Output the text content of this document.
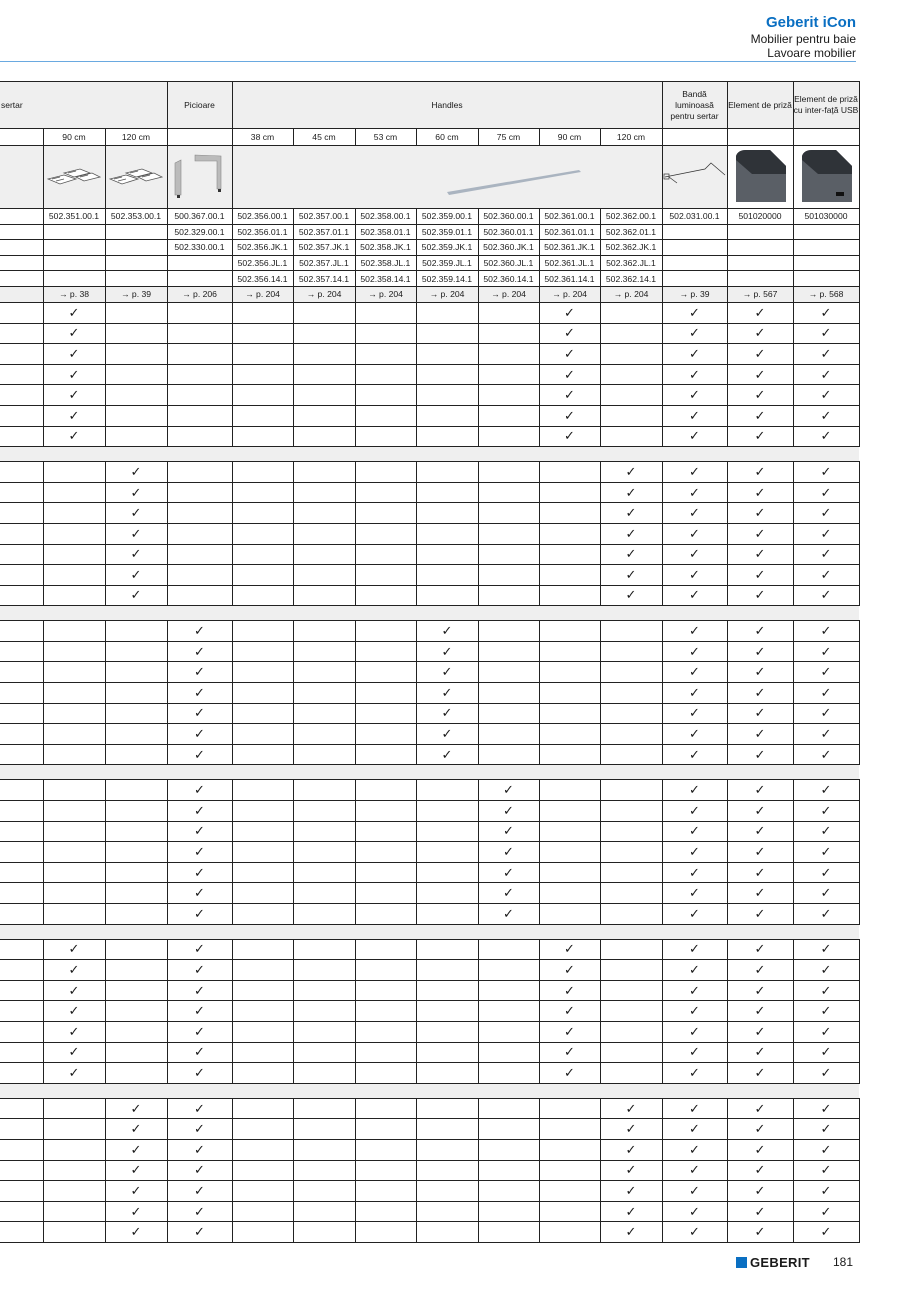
Geberit iCon
Mobilier pentru baie
Lavoare mobilier
sertar			Picioare	Handles							Bandă luminoasă pentru sertar	Element de priză	Element de priză cu inter-față USB
	90 cm	120 cm		38 cm	45 cm	53 cm	60 cm	75 cm	90 cm	120 cm			

	502.351.00.1	502.353.00.1	500.367.00.1	502.356.00.1	502.357.00.1	502.358.00.1	502.359.00.1	502.360.00.1	502.361.00.1	502.362.00.1	502.031.00.1	501020000	501030000
			502.329.00.1	502.356.01.1	502.357.01.1	502.358.01.1	502.359.01.1	502.360.01.1	502.361.01.1	502.362.01.1			
			502.330.00.1	502.356.JK.1	502.357.JK.1	502.358.JK.1	502.359.JK.1	502.360.JK.1	502.361.JK.1	502.362.JK.1			
				502.356.JL.1	502.357.JL.1	502.358.JL.1	502.359.JL.1	502.360.JL.1	502.361.JL.1	502.362.JL.1			
				502.356.14.1	502.357.14.1	502.358.14.1	502.359.14.1	502.360.14.1	502.361.14.1	502.362.14.1			
	→ p. 38	→ p. 39	→ p. 206	→ p. 204	→ p. 204	→ p. 204	→ p. 204	→ p. 204	→ p. 204	→ p. 204	→ p. 39	→ p. 567	→ p. 568
	✓								✓		✓	✓	✓
	✓								✓		✓	✓	✓
	✓								✓		✓	✓	✓
	✓								✓		✓	✓	✓
	✓								✓		✓	✓	✓
	✓								✓		✓	✓	✓
	✓								✓		✓	✓	✓

		✓								✓	✓	✓	✓
		✓								✓	✓	✓	✓
		✓								✓	✓	✓	✓
		✓								✓	✓	✓	✓
		✓								✓	✓	✓	✓
		✓								✓	✓	✓	✓
		✓								✓	✓	✓	✓

			✓				✓				✓	✓	✓
			✓				✓				✓	✓	✓
			✓				✓				✓	✓	✓
			✓				✓				✓	✓	✓
			✓				✓				✓	✓	✓
			✓				✓				✓	✓	✓
			✓				✓				✓	✓	✓

			✓					✓			✓	✓	✓
			✓					✓			✓	✓	✓
			✓					✓			✓	✓	✓
			✓					✓			✓	✓	✓
			✓					✓			✓	✓	✓
			✓					✓			✓	✓	✓
			✓					✓			✓	✓	✓

	✓		✓						✓		✓	✓	✓
	✓		✓						✓		✓	✓	✓
	✓		✓						✓		✓	✓	✓
	✓		✓						✓		✓	✓	✓
	✓		✓						✓		✓	✓	✓
	✓		✓						✓		✓	✓	✓
	✓		✓						✓		✓	✓	✓

		✓	✓							✓	✓	✓	✓
		✓	✓							✓	✓	✓	✓
		✓	✓							✓	✓	✓	✓
		✓	✓							✓	✓	✓	✓
		✓	✓							✓	✓	✓	✓
		✓	✓							✓	✓	✓	✓
		✓	✓							✓	✓	✓	✓
GEBERIT 181
